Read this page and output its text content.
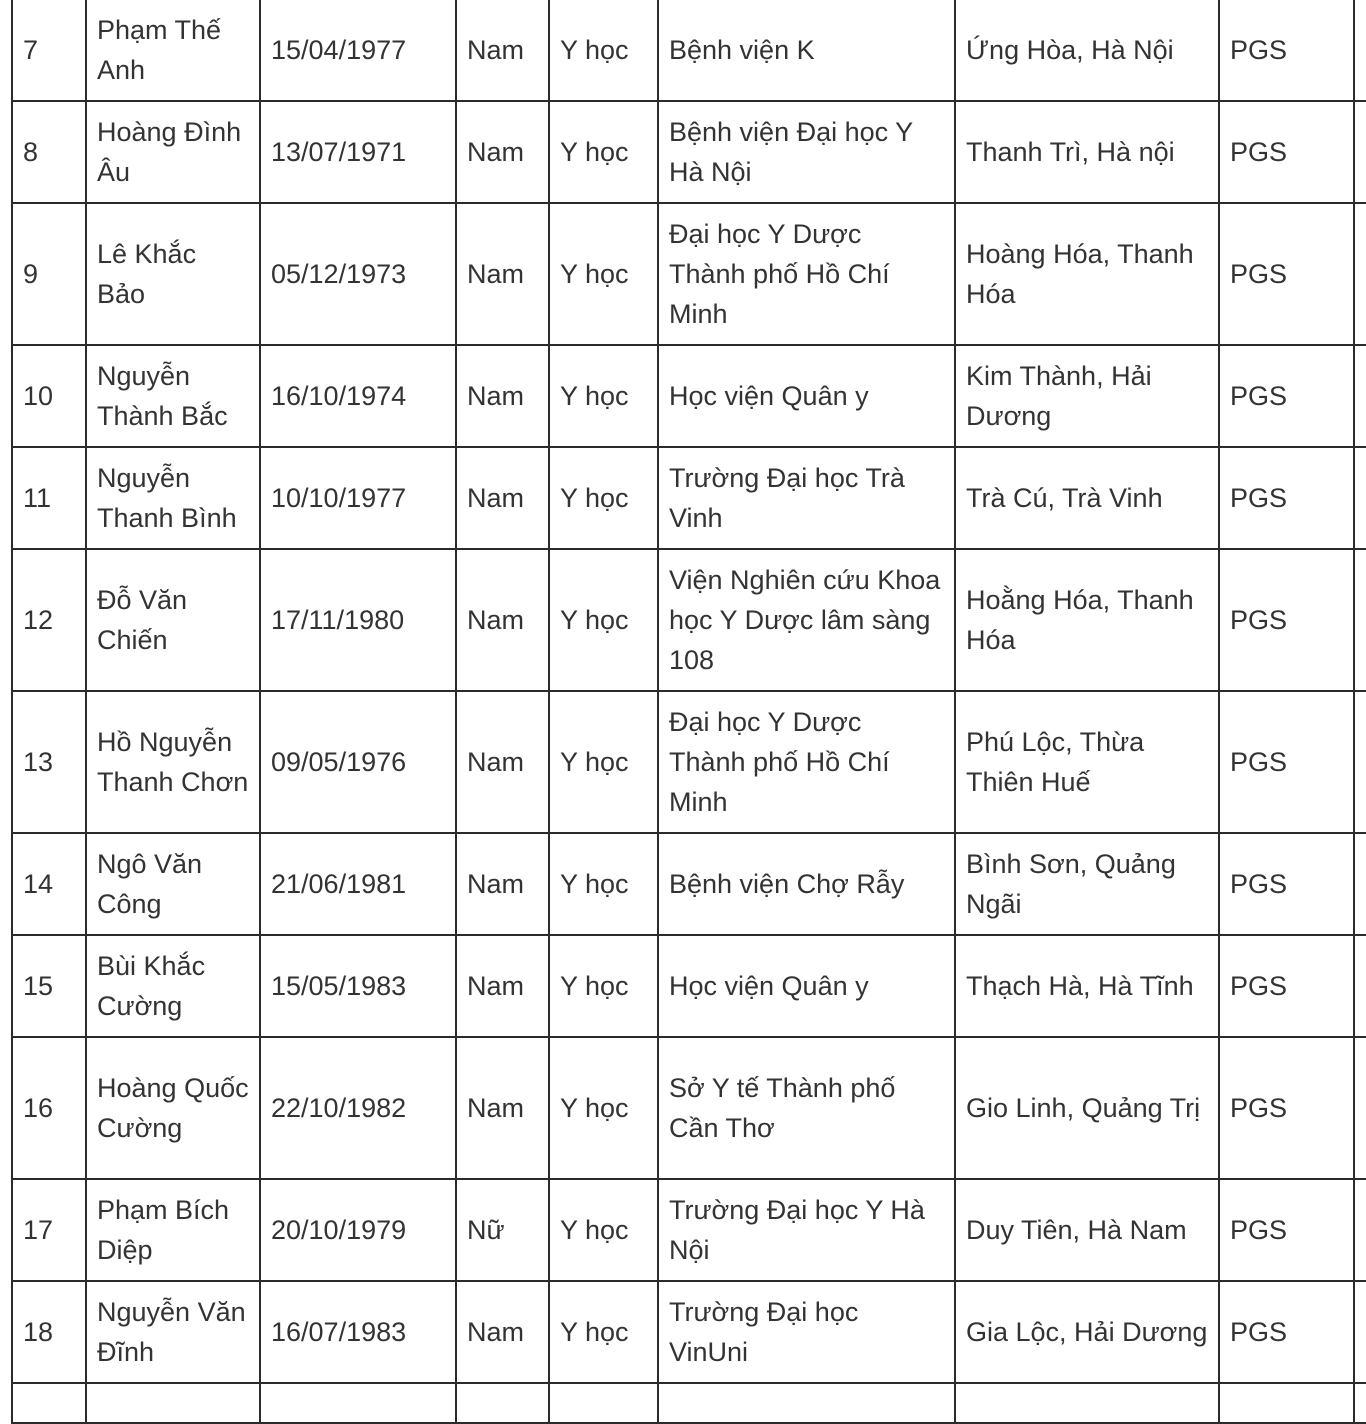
7	Phạm Thế Anh	15/04/1977	Nam	Y học	Bệnh viện K	Ứng Hòa, Hà Nội	PGS	

8	Hoàng Đình Âu	13/07/1971	Nam	Y học	Bệnh viện Đại học Y Hà Nội	Thanh Trì, Hà nội	PGS	

9	Lê Khắc Bảo	05/12/1973	Nam	Y học	Đại học Y Dược Thành phố Hồ Chí Minh	Hoàng Hóa, Thanh Hóa	PGS	

10	Nguyễn Thành Bắc	16/10/1974	Nam	Y học	Học viện Quân y	Kim Thành, Hải Dương	PGS	

11	Nguyễn Thanh Bình	10/10/1977	Nam	Y học	Trường Đại học Trà Vinh	Trà Cú, Trà Vinh	PGS	

12	Đỗ Văn Chiến	17/11/1980	Nam	Y học	Viện Nghiên cứu Khoa học Y Dược lâm sàng 108	Hoằng Hóa, Thanh Hóa	PGS	

13	Hồ Nguyễn Thanh Chơn	09/05/1976	Nam	Y học	Đại học Y Dược Thành phố Hồ Chí Minh	Phú Lộc, Thừa Thiên Huế	PGS	

14	Ngô Văn Công	21/06/1981	Nam	Y học	Bệnh viện Chợ Rẫy	Bình Sơn, Quảng Ngãi	PGS	

15	Bùi Khắc Cường	15/05/1983	Nam	Y học	Học viện Quân y	Thạch Hà, Hà Tĩnh	PGS	

16	Hoàng Quốc Cường	22/10/1982	Nam	Y học	Sở Y tế Thành phố Cần Thơ	Gio Linh, Quảng Trị	PGS	

17	Phạm Bích Diệp	20/10/1979	Nữ	Y học	Trường Đại học Y Hà Nội	Duy Tiên, Hà Nam	PGS	

18	Nguyễn Văn Đĩnh	16/07/1983	Nam	Y học	Trường Đại học VinUni	Gia Lộc, Hải Dương	PGS	
